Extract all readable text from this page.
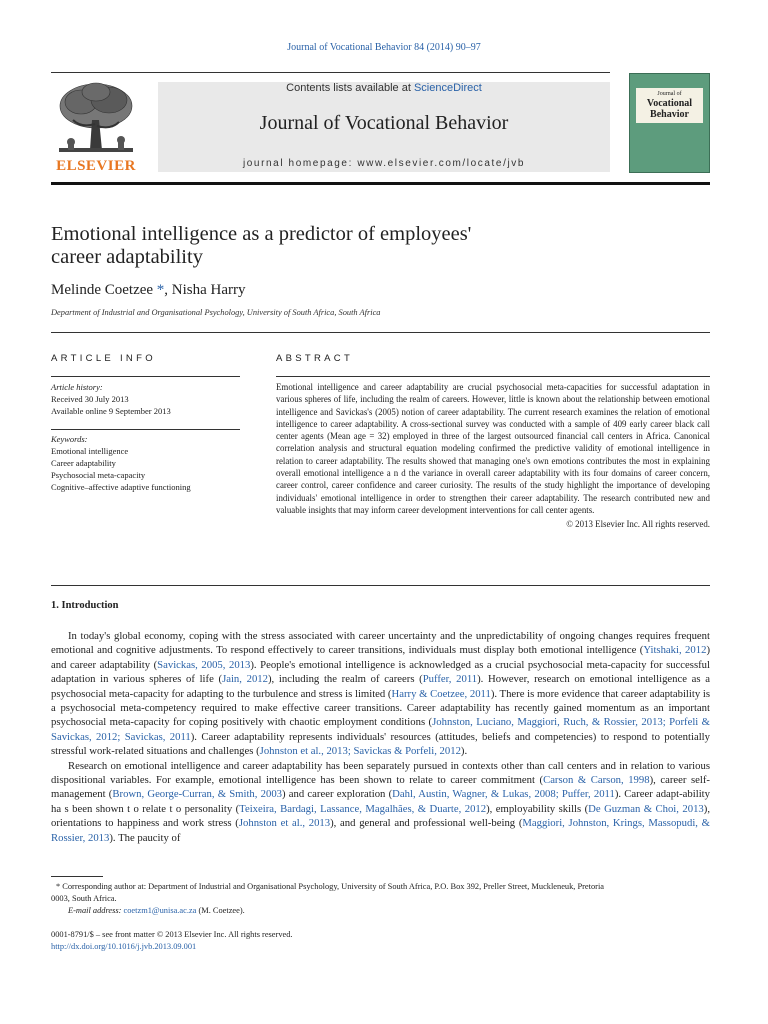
Journal of Vocational Behavior 84 (2014) 90–97
ELSEVIER
Contents lists available at ScienceDirect
Journal of Vocational Behavior
journal homepage: www.elsevier.com/locate/jvb
Journal of
Vocational
Behavior
Emotional intelligence as a predictor of employees'
career adaptability
Melinde Coetzee *, Nisha Harry
Department of Industrial and Organisational Psychology, University of South Africa, South Africa
ARTICLE INFO
Article history:
Received 30 July 2013
Available online 9 September 2013
Keywords:
Emotional intelligence
Career adaptability
Psychosocial meta-capacity
Cognitive–affective adaptive functioning
ABSTRACT
Emotional intelligence and career adaptability are crucial psychosocial meta-capacities for successful adaptation in various spheres of life, including the realm of careers. However, little is known about the relationship between emotional intelligence and Savickas's (2005) notion of career adaptability. The current research examines the relation of emotional intelligence to career adaptability. A cross-sectional survey was conducted with a sample of 409 early career black call center agents (Mean age = 32) employed in three of the largest outsourced financial call centers in Africa. Canonical correlation analysis and structural equation modeling confirmed the predictive validity of emotional intelligence in relation to career adaptability. The results showed that managing one's own emotions contributes the most in explaining overall emotional intelligence a n d the variance in overall career adaptability with its four domains of career concern, career control, career confidence and career curiosity. The results of the study highlight the importance of developing individuals' emotional intelligence in order to strengthen their career adaptability. The research contributed new and valuable insights that may inform career development interventions for call center agents.
© 2013 Elsevier Inc. All rights reserved.
1. Introduction

In today's global economy, coping with the stress associated with career uncertainty and the unpredictability of ongoing changes requires frequent emotional and cognitive adjustments. To respond effectively to career transitions, individuals must display both emotional intelligence (Yitshaki, 2012) and career adaptability (Savickas, 2005, 2013). People's emotional intelligence is acknowledged as a crucial psychosocial meta-capacity for successful adaptation in various spheres of life (Jain, 2012), including the realm of careers (Puffer, 2011). However, research on emotional intelligence as a psychosocial meta-capacity for adapting to the turbulence and stress is limited (Harry & Coetzee, 2011). There is more evidence that career adaptability is a psychosocial meta-competency required to make effective career transitions. Career adaptability has recently gained momentum as an important psychosocial meta-capacity for coping positively with chaotic employment conditions (Johnston, Luciano, Maggiori, Ruch, & Rossier, 2013; Porfeli & Savickas, 2012; Savickas, 2011). Career adaptability represents individuals' resources (attitudes, beliefs and competencies) to respond to potentially stressful work-related situations and challenges (Johnston et al., 2013; Savickas & Porfeli, 2012).

Research on emotional intelligence and career adaptability has been separately pursued in contexts other than call centers and in relation to various dispositional variables. For example, emotional intelligence has been shown to relate to career commitment (Carson & Carson, 1998), career self-management (Brown, George-Curran, & Smith, 2003) and career exploration (Dahl, Austin, Wagner, & Lukas, 2008; Puffer, 2011). Career adapt-ability ha s been shown t o relate t o personality (Teixeira, Bardagi, Lassance, Magalhães, & Duarte, 2012), employability skills (De Guzman & Choi, 2013), orientations to happiness and work stress (Johnston et al., 2013), and general and professional well-being (Maggiori, Johnston, Krings, Massopudi, & Rossier, 2013). The paucity of

* Corresponding author at: Department of Industrial and Organisational Psychology, University of South Africa, P.O. Box 392, Preller Street, Muckleneuk, Pretoria
0003, South Africa.
E-mail address: coetzm1@unisa.ac.za (M. Coetzee).
0001-8791/$ – see front matter © 2013 Elsevier Inc. All rights reserved.
http://dx.doi.org/10.1016/j.jvb.2013.09.001
